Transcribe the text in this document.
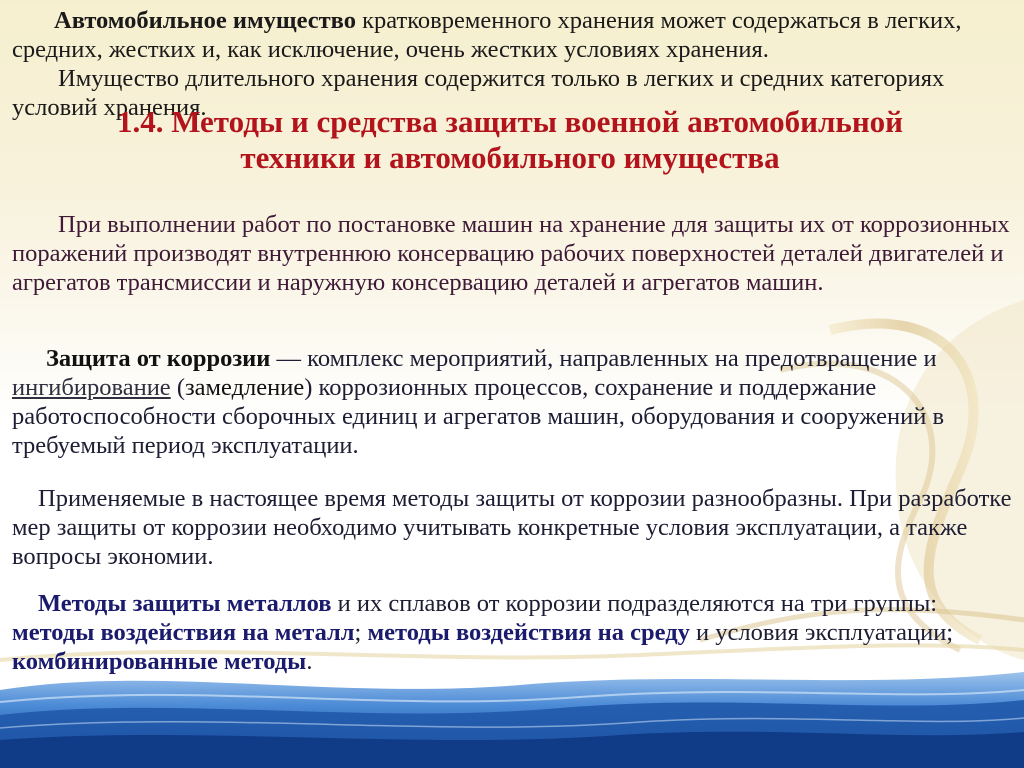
Автомобильное имущество кратковременного хранения может содержаться в легких, средних, жестких и, как исключение, очень жестких условиях хранения.

Имущество длительного хранения содержится только в легких и средних категориях условий хранения.

1.4. Методы и средства защиты военной автомобильной техники и автомобильного имущества

При выполнении работ по постановке машин на хранение для защиты их от коррозионных поражений производят внутреннюю консервацию рабочих поверхностей деталей двигателей и агрегатов трансмиссии и наружную консервацию деталей и агрегатов машин.

Защита от коррозии — комплекс мероприятий, направленных на предотвращение и ингибирование (замедление) коррозионных процессов, сохранение и поддержание работоспособности сборочных единиц и агрегатов машин, оборудования и сооружений в требуемый период эксплуатации.

Применяемые в настоящее время методы защиты от коррозии разнообразны. При разработке мер защиты от коррозии необходимо учитывать конкретные условия эксплуатации, а также вопросы экономии.

Методы защиты металлов и их сплавов от коррозии подразделяются на три группы: методы воздействия на металл; методы воздействия на среду и условия эксплуатации; комбинированные методы.
